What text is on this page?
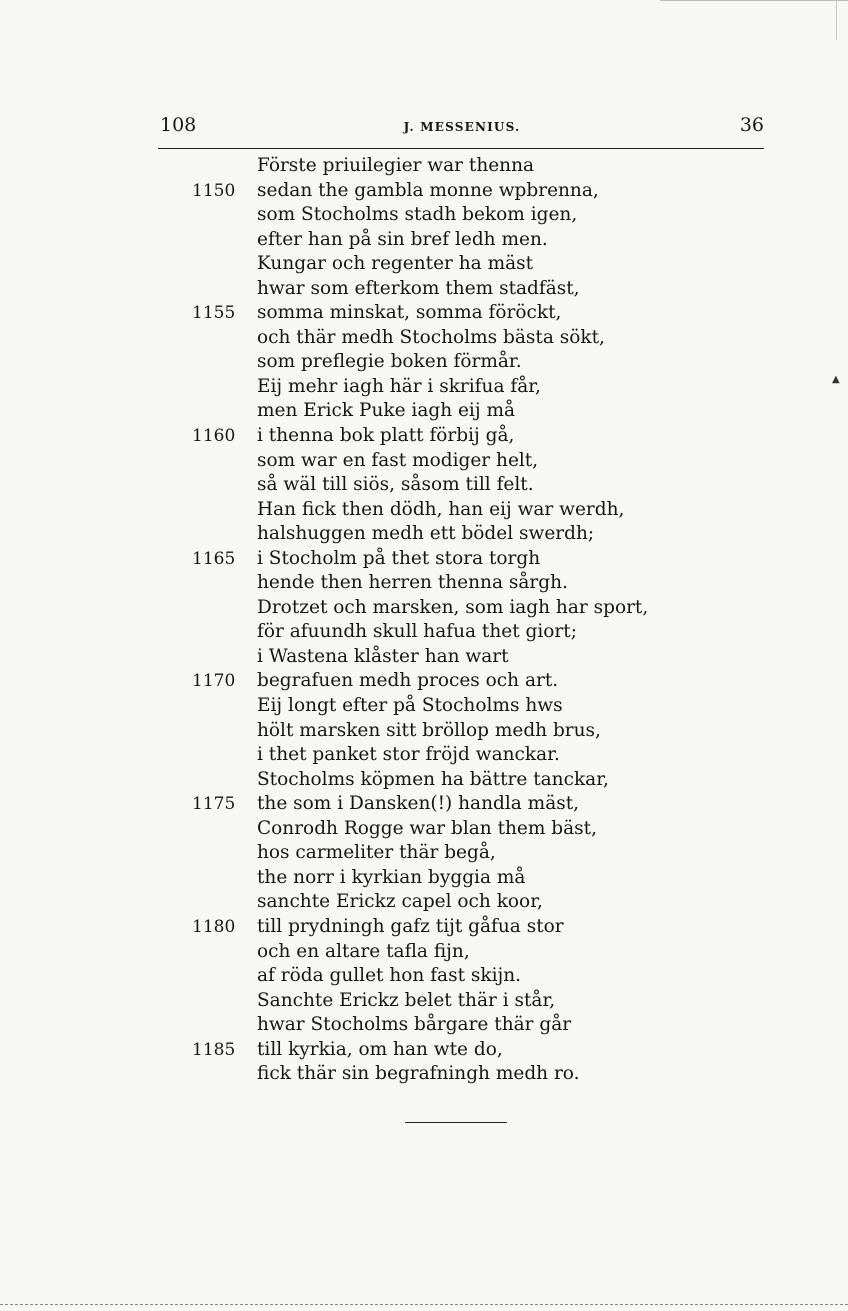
108	J. MESSENIUS.	36
Förste priuilegier war thenna
1150 sedan the gambla monne wpbrenna,
som Stocholms stadh bekom igen,
efter han på sin bref ledh men.
Kungar och regenter ha mäst
hwar som efterkom them stadfäst,
1155 somma minskat, somma föröckt,
och thär medh Stocholms bästa sökt,
som preflegie boken förmår.
Eij mehr iagh här i skrifua får,
men Erick Puke iagh eij må
1160 i thenna bok platt förbij gå,
som war en fast modiger helt,
så wäl till siös, såsom till felt.
Han fick then dödh, han eij war werdh,
halshuggen medh ett bödel swerdh;
1165 i Stocholm på thet stora torgh
hende then herren thenna sårgh.
Drotzet och marsken, som iagh har sport,
för afuundh skull hafua thet giort;
i Wastena klåster han wart
1170 begrafuen medh proces och art.
Eij longt efter på Stocholms hws
hölt marsken sitt bröllop medh brus,
i thet panket stor fröjd wanckar.
Stocholms köpmen ha bättre tanckar,
1175 the som i Dansken(!) handla mäst,
Conrodh Rogge war blan them bäst,
hos carmeliter thär begå,
the norr i kyrkian byggia må
sanchte Erickz capel och koor,
1180 till prydningh gafz tijt gåfua stor
och en altare tafla fijn,
af röda gullet hon fast skijn.
Sanchte Erickz belet thär i står,
hwar Stocholms bårgare thär går
1185 till kyrkia, om han wte do,
fick thär sin begrafningh medh ro.
▲
